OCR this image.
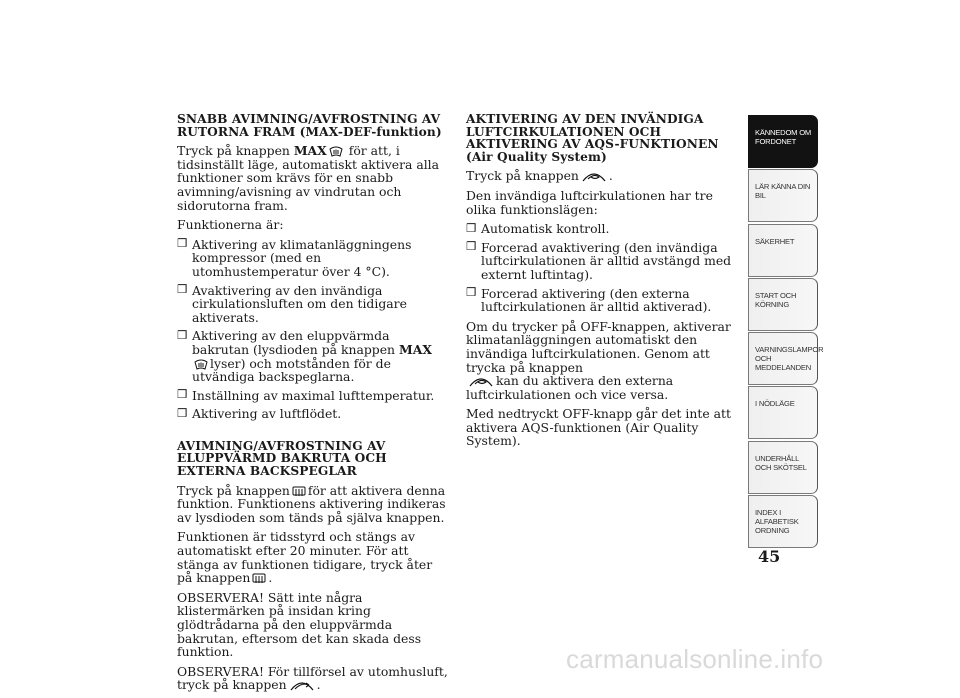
SNABB AVIMNING/AVFROSTNING AV RUTORNA FRAM (MAX-DEF-funktion)

Tryck på knappen MAX för att, i tidsinställt läge, automatiskt aktivera alla funktioner som krävs för en snabb avimning/avisning av vindrutan och sidorutorna fram.

Funktionerna är:

❒ Aktivering av klimatanläggningens kompressor (med en utomhustemperatur över 4 °C).
❒ Avaktivering av den invändiga cirkulationsluften om den tidigare aktiverats.
❒ Aktivering av den eluppvärmda bakrutan (lysdioden på knappen MAX
lyser) och motstånden för de utvändiga backspeglarna.
❒ Inställning av maximal lufttemperatur.
❒ Aktivering av luftflödet.
AVIMNING/AVFROSTNING AV ELUPPVÄRMD BAKRUTA OCH EXTERNA BACKSPEGLAR

Tryck på knappen för att aktivera denna funktion. Funktionens aktivering indikeras av lysdioden som tänds på själva knappen.

Funktionen är tidsstyrd och stängs av automatiskt efter 20 minuter. För att stänga av funktionen tidigare, tryck åter på knappen .

OBSERVERA! Sätt inte några klistermärken på insidan kring glödtrådarna på den eluppvärmda bakrutan, eftersom det kan skada dess funktion.

OBSERVERA! För tillförsel av utomhusluft, tryck på knappen .

AKTIVERING AV DEN INVÄNDIGA LUFTCIRKULATIONEN OCH AKTIVERING AV AQS-FUNKTIONEN (Air Quality System)

Tryck på knappen .

Den invändiga luftcirkulationen har tre olika funktionslägen:

❒ Automatisk kontroll.
❒ Forcerad avaktivering (den invändiga luftcirkulationen är alltid avstängd med externt luftintag).
❒ Forcerad aktivering (den externa luftcirkulationen är alltid aktiverad).

Om du trycker på OFF-knappen, aktiverar klimatanläggningen automatiskt den invändiga luftcirkulationen. Genom att trycka på knappen

kan du aktivera den externa luftcirkulationen och vice versa.

Med nedtryckt OFF-knapp går det inte att aktivera AQS-funktionen (Air Quality System).

KÄNNEDOM OM FORDONET
LÄR KÄNNA DIN BIL
SÄKERHET
START OCH KÖRNING
VARNINGSLAMPOR OCH MEDDELANDEN
I NÖDLÄGE
UNDERHÅLL OCH SKÖTSEL
INDEX I ALFABETISK ORDNING
45
carmanualsonline.info
